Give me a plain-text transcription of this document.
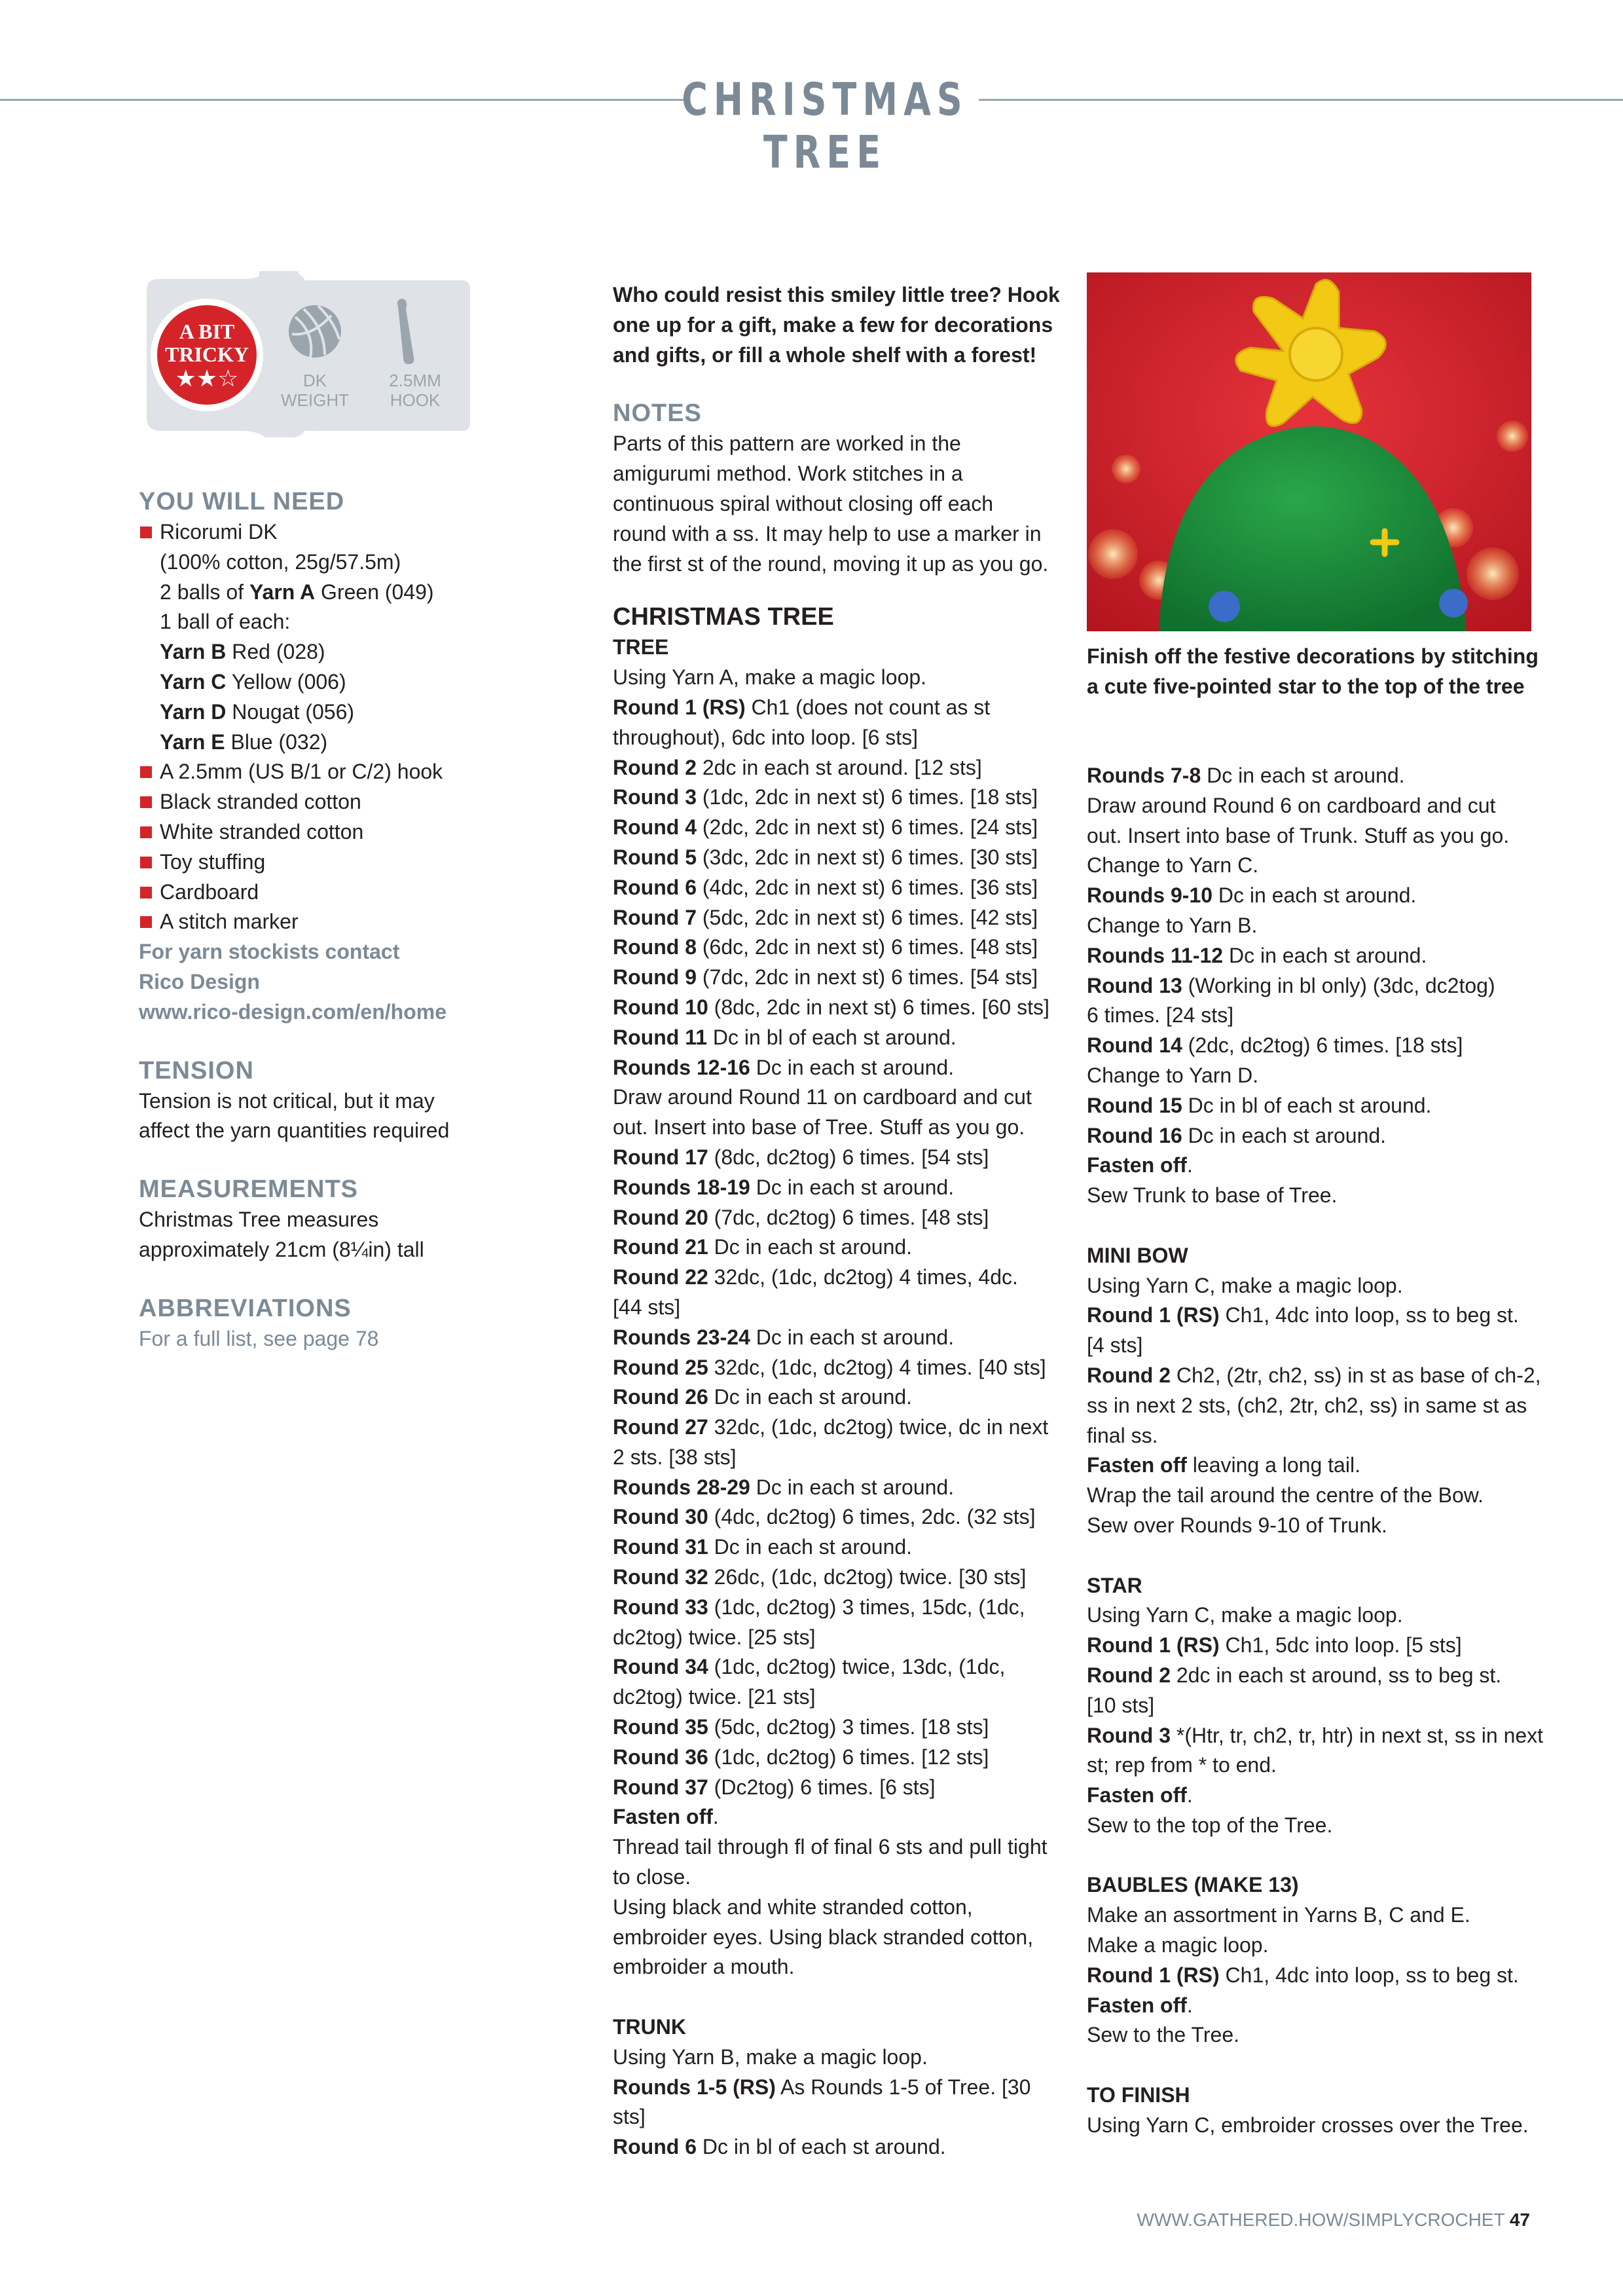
CHRISTMAS TREE
A BIT
TRICKY
★★☆	DK
WEIGHT
2.5MM
HOOK
YOU WILL NEED
Ricorumi DK
(100% cotton, 25g/57.5m)
2 balls of Yarn A Green (049)
1 ball of each:
Yarn B Red (028)
Yarn C Yellow (006)
Yarn D Nougat (056)
Yarn E Blue (032)
A 2.5mm (US B/1 or C/2) hook
Black stranded cotton
White stranded cotton
Toy stuffing
Cardboard
A stitch marker
For yarn stockists contact
Rico Design
www.rico-design.com/en/home
TENSION
Tension is not critical, but it may
affect the yarn quantities required
MEASUREMENTS
Christmas Tree measures
approximately 21cm (8¼in) tall
ABBREVIATIONS
For a full list, see page 78
Who could resist this smiley little tree? Hook
one up for a gift, make a few for decorations
and gifts, or fill a whole shelf with a forest!
NOTES
Parts of this pattern are worked in the
amigurumi method. Work stitches in a
continuous spiral without closing off each
round with a ss. It may help to use a marker in
the first st of the round, moving it up as you go.
CHRISTMAS TREE
TREE
Using Yarn A, make a magic loop.
Round 1 (RS) Ch1 (does not count as st
throughout), 6dc into loop. [6 sts]
Round 2 2dc in each st around. [12 sts]
Round 3 (1dc, 2dc in next st) 6 times. [18 sts]
Round 4 (2dc, 2dc in next st) 6 times. [24 sts]
Round 5 (3dc, 2dc in next st) 6 times. [30 sts]
Round 6 (4dc, 2dc in next st) 6 times. [36 sts]
Round 7 (5dc, 2dc in next st) 6 times. [42 sts]
Round 8 (6dc, 2dc in next st) 6 times. [48 sts]
Round 9 (7dc, 2dc in next st) 6 times. [54 sts]
Round 10 (8dc, 2dc in next st) 6 times. [60 sts]
Round 11 Dc in bl of each st around.
Rounds 12-16 Dc in each st around.
Draw around Round 11 on cardboard and cut
out. Insert into base of Tree. Stuff as you go.
Round 17 (8dc, dc2tog) 6 times. [54 sts]
Rounds 18-19 Dc in each st around.
Round 20 (7dc, dc2tog) 6 times. [48 sts]
Round 21 Dc in each st around.
Round 22 32dc, (1dc, dc2tog) 4 times, 4dc.
[44 sts]
Rounds 23-24 Dc in each st around.
Round 25 32dc, (1dc, dc2tog) 4 times. [40 sts]
Round 26 Dc in each st around.
Round 27 32dc, (1dc, dc2tog) twice, dc in next
2 sts. [38 sts]
Rounds 28-29 Dc in each st around.
Round 30 (4dc, dc2tog) 6 times, 2dc. (32 sts]
Round 31 Dc in each st around.
Round 32 26dc, (1dc, dc2tog) twice. [30 sts]
Round 33 (1dc, dc2tog) 3 times, 15dc, (1dc,
dc2tog) twice. [25 sts]
Round 34 (1dc, dc2tog) twice, 13dc, (1dc,
dc2tog) twice. [21 sts]
Round 35 (5dc, dc2tog) 3 times. [18 sts]
Round 36 (1dc, dc2tog) 6 times. [12 sts]
Round 37 (Dc2tog) 6 times. [6 sts]
Fasten off.
Thread tail through fl of final 6 sts and pull tight
to close.
Using black and white stranded cotton,
embroider eyes. Using black stranded cotton,
embroider a mouth.
TRUNK
Using Yarn B, make a magic loop.
Rounds 1-5 (RS) As Rounds 1-5 of Tree. [30 sts]
Round 6 Dc in bl of each st around.
Finish off the festive decorations by stitching
a cute five-pointed star to the top of the tree
Rounds 7-8 Dc in each st around.
Draw around Round 6 on cardboard and cut
out. Insert into base of Trunk. Stuff as you go.
Change to Yarn C.
Rounds 9-10 Dc in each st around.
Change to Yarn B.
Rounds 11-12 Dc in each st around.
Round 13 (Working in bl only) (3dc, dc2tog)
6 times. [24 sts]
Round 14 (2dc, dc2tog) 6 times. [18 sts]
Change to Yarn D.
Round 15 Dc in bl of each st around.
Round 16 Dc in each st around.
Fasten off.
Sew Trunk to base of Tree.
MINI BOW
Using Yarn C, make a magic loop.
Round 1 (RS) Ch1, 4dc into loop, ss to beg st.
[4 sts]
Round 2 Ch2, (2tr, ch2, ss) in st as base of ch-2,
ss in next 2 sts, (ch2, 2tr, ch2, ss) in same st as
final ss.
Fasten off leaving a long tail.
Wrap the tail around the centre of the Bow.
Sew over Rounds 9-10 of Trunk.
STAR
Using Yarn C, make a magic loop.
Round 1 (RS) Ch1, 5dc into loop. [5 sts]
Round 2 2dc in each st around, ss to beg st.
[10 sts]
Round 3 *(Htr, tr, ch2, tr, htr) in next st, ss in next
st; rep from * to end.
Fasten off.
Sew to the top of the Tree.
BAUBLES (MAKE 13)
Make an assortment in Yarns B, C and E.
Make a magic loop.
Round 1 (RS) Ch1, 4dc into loop, ss to beg st.
Fasten off.
Sew to the Tree.
TO FINISH
Using Yarn C, embroider crosses over the Tree.
WWW.GATHERED.HOW/SIMPLYCROCHET 47
